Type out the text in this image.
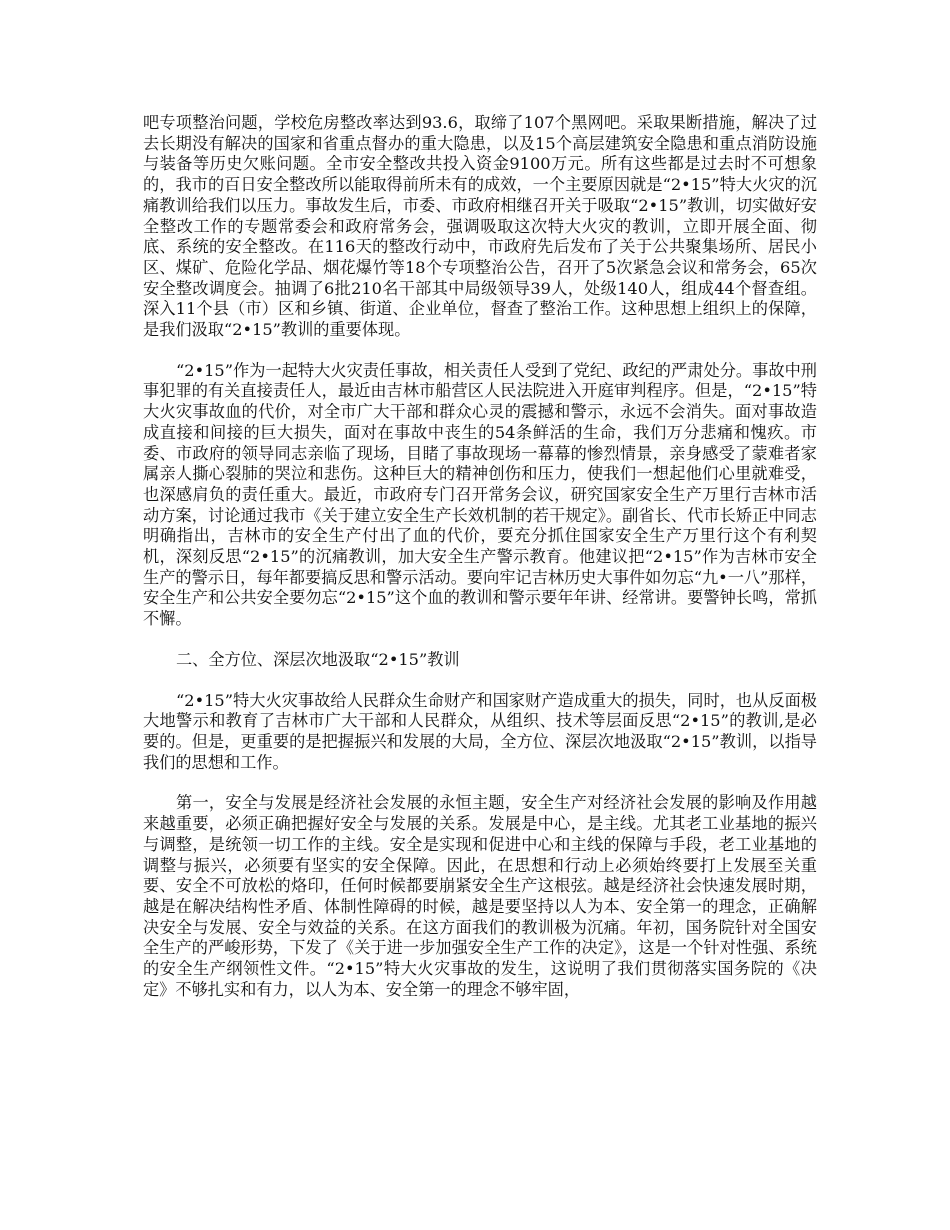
吧专项整治问题，学校危房整改率达到93.6，取缔了107个黑网吧。采取果断措施，解决了过去长期没有解决的国家和省重点督办的重大隐患，以及15个高层建筑安全隐患和重点消防设施与装备等历史欠账问题。全市安全整改共投入资金9100万元。所有这些都是过去时不可想象的，我市的百日安全整改所以能取得前所未有的成效，一个主要原因就是“2•15”特大火灾的沉痛教训给我们以压力。事故发生后，市委、市政府相继召开关于吸取“2•15”教训，切实做好安全整改工作的专题常委会和政府常务会，强调吸取这次特大火灾的教训，立即开展全面、彻底、系统的安全整改。在116天的整改行动中，市政府先后发布了关于公共聚集场所、居民小区、煤矿、危险化学品、烟花爆竹等18个专项整治公告，召开了5次紧急会议和常务会，65次安全整改调度会。抽调了6批210名干部其中局级领导39人，处级140人，组成44个督查组。深入11个县（市）区和乡镇、街道、企业单位，督查了整治工作。这种思想上组织上的保障，是我们汲取“2•15”教训的重要体现。

“2•15”作为一起特大火灾责任事故，相关责任人受到了党纪、政纪的严肃处分。事故中刑事犯罪的有关直接责任人，最近由吉林市船营区人民法院进入开庭审判程序。但是，“2•15”特大火灾事故血的代价，对全市广大干部和群众心灵的震撼和警示，永远不会消失。面对事故造成直接和间接的巨大损失，面对在事故中丧生的54条鲜活的生命，我们万分悲痛和愧疚。市委、市政府的领导同志亲临了现场，目睹了事故现场一幕幕的惨烈情景，亲身感受了蒙难者家属亲人撕心裂肺的哭泣和悲伤。这种巨大的精神创伤和压力，使我们一想起他们心里就难受，也深感肩负的责任重大。最近，市政府专门召开常务会议，研究国家安全生产万里行吉林市活动方案，讨论通过我市《关于建立安全生产长效机制的若干规定》。副省长、代市长矫正中同志明确指出，吉林市的安全生产付出了血的代价，要充分抓住国家安全生产万里行这个有利契机，深刻反思“2•15”的沉痛教训，加大安全生产警示教育。他建议把“2•15”作为吉林市安全生产的警示日，每年都要搞反思和警示活动。要向牢记吉林历史大事件如勿忘“九•一八”那样，安全生产和公共安全要勿忘“2•15”这个血的教训和警示要年年讲、经常讲。要警钟长鸣，常抓不懈。

二、全方位、深层次地汲取“2•15”教训

“2•15”特大火灾事故给人民群众生命财产和国家财产造成重大的损失，同时，也从反面极大地警示和教育了吉林市广大干部和人民群众，从组织、技术等层面反思“2•15”的教训,是必要的。但是，更重要的是把握振兴和发展的大局，全方位、深层次地汲取“2•15”教训，以指导我们的思想和工作。

第一，安全与发展是经济社会发展的永恒主题，安全生产对经济社会发展的影响及作用越来越重要，必须正确把握好安全与发展的关系。发展是中心，是主线。尤其老工业基地的振兴与调整，是统领一切工作的主线。安全是实现和促进中心和主线的保障与手段，老工业基地的调整与振兴，必须要有坚实的安全保障。因此，在思想和行动上必须始终要打上发展至关重要、安全不可放松的烙印，任何时候都要崩紧安全生产这根弦。越是经济社会快速发展时期，越是在解决结构性矛盾、体制性障碍的时候，越是要坚持以人为本、安全第一的理念，正确解决安全与发展、安全与效益的关系。在这方面我们的教训极为沉痛。年初，国务院针对全国安全生产的严峻形势，下发了《关于进一步加强安全生产工作的决定》，这是一个针对性强、系统的安全生产纲领性文件。“2•15”特大火灾事故的发生，这说明了我们贯彻落实国务院的《决定》不够扎实和有力，以人为本、安全第一的理念不够牢固，
